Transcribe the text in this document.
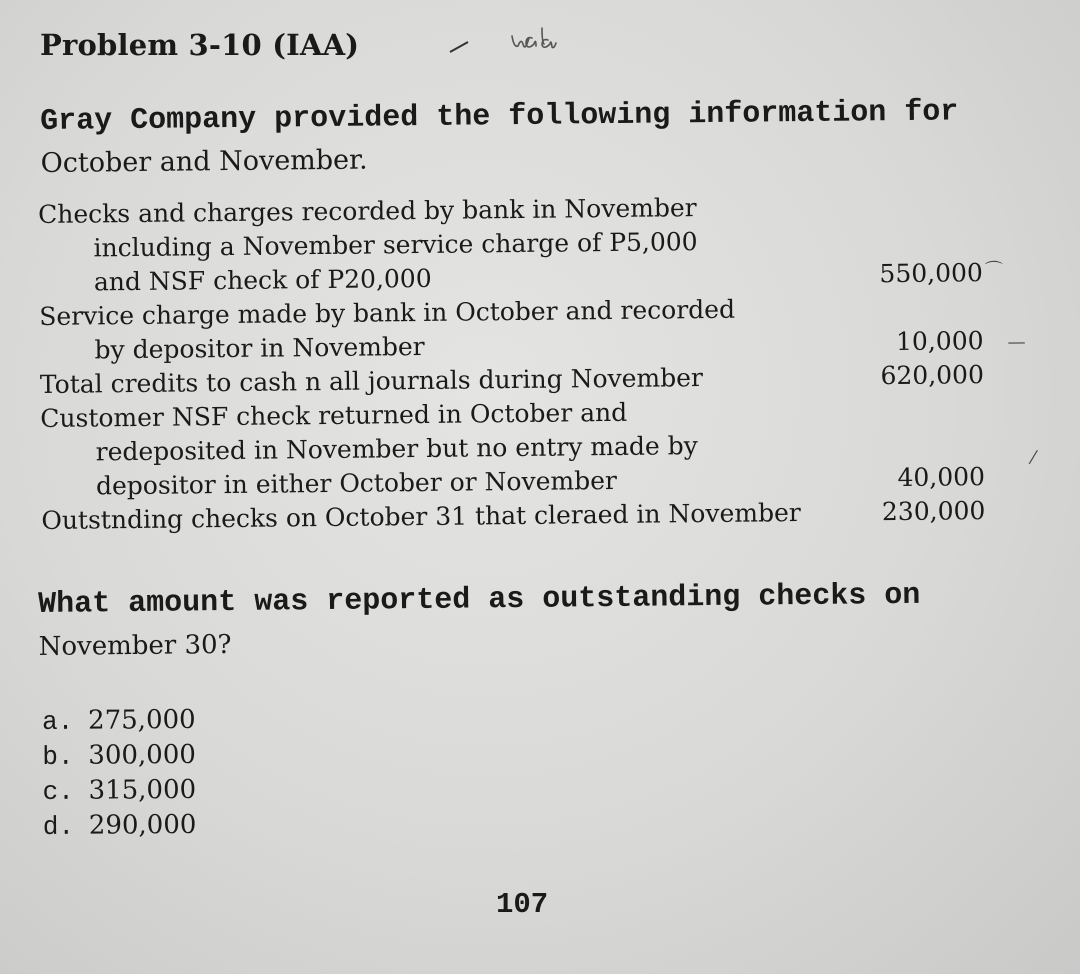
Problem 3-10 (IAA)
Gray Company provided the following information for
October and November.
Checks and charges recorded by bank in November
including a November service charge of P5,000
and NSF check of P20,000	550,000 ⌒
Service charge made by bank in October and recorded
by depositor in November	10,000 —
Total credits to cash n all journals during November	620,000
Customer NSF check returned in October and
redeposited in November but no entry made by
depositor in either October or November	40,000
⁄
Outstnding checks on October 31 that cleraed in November	230,000
What amount was reported as outstanding checks on
November 30?
a. 275,000
b. 300,000
c. 315,000
d. 290,000
107
